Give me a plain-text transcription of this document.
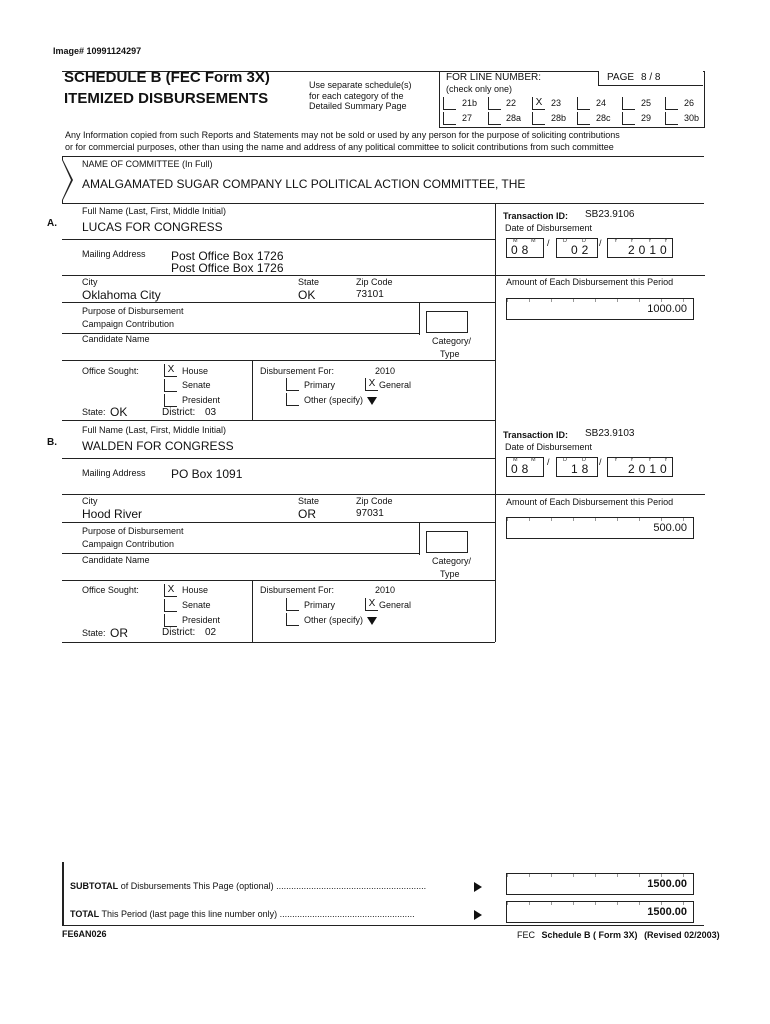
Image# 10991124297
SCHEDULE B (FEC Form 3X)
ITEMIZED DISBURSEMENTS
Use separate schedule(s)
for each category of the
Detailed Summary Page
FOR LINE NUMBER:
(check only one)
PAGE 8 / 8
21b	22	X 23	24	25	26
27	28a	28b	28c	29	30b
Any Information copied from such Reports and Statements may not be sold or used by any person for the purpose of soliciting contributions
or for commercial purposes, other than using the name and address of any political committee to solicit contributions from such committee
NAME OF COMMITTEE (In Full)
AMALGAMATED SUGAR COMPANY LLC POLITICAL ACTION COMMITTEE, THE
A.
Full Name (Last, First, Middle Initial)
LUCAS FOR CONGRESS
Mailing Address Post Office Box 1726
Post Office Box 1726
City
Oklahoma City
State
OK
Zip Code
73101
Purpose of Disbursement
Campaign Contribution
Candidate Name	Category/
Type
Office Sought:	X House
Senate
President
State: OK	District: 03
Disbursement For:	2010
Primary	X General
Other (specify)
Transaction ID: SB23.9106
Date of Disbursement
M M
08 / D	D
02 / Y Y	Y Y
2010
Amount of Each Disbursement this Period
1000.00
B.
Full Name (Last, First, Middle Initial)
WALDEN FOR CONGRESS
Mailing Address PO Box 1091
City
Hood River
State
OR
Zip Code
97031
Purpose of Disbursement
Campaign Contribution
Candidate Name	Category/
Type
Office Sought:	X House
Senate
President
State: OR	District: 02
Disbursement For:	2010
Primary	X General
Other (specify)
Transaction ID: SB23.9103
Date of Disbursement
M M
08 / D	D
18 / Y Y	Y Y
2010
Amount of Each Disbursement this Period
500.00
SUBTOTAL of Disbursements This Page (optional) ............................................................	1500.00
TOTAL This Period (last page this line number only) ......................................................	1500.00
FE6AN026	FEC Schedule B ( Form 3X) (Revised 02/2003)
